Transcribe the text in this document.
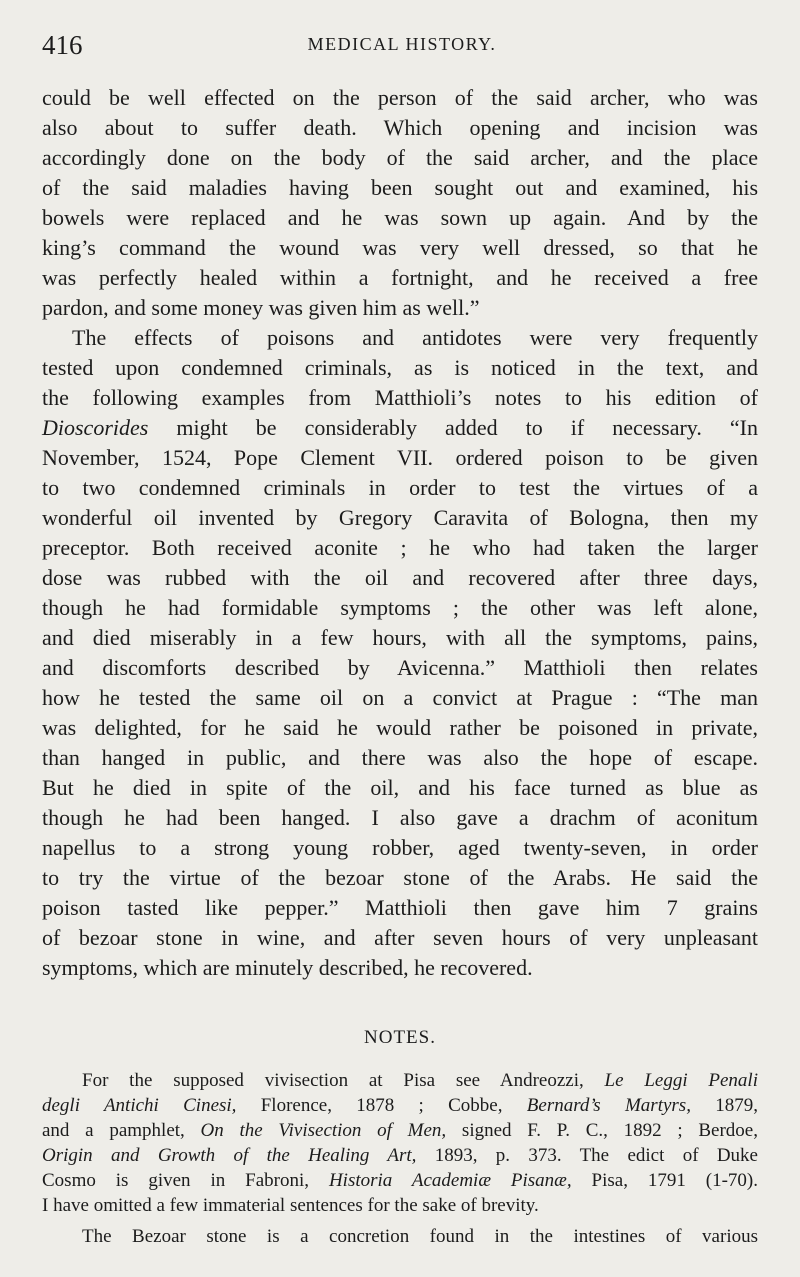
416	MEDICAL HISTORY.
could be well effected on the person of the said archer, who was
also about to suffer death. Which opening and incision was
accordingly done on the body of the said archer, and the place
of the said maladies having been sought out and examined, his
bowels were replaced and he was sown up again. And by the
king’s command the wound was very well dressed, so that he
was perfectly healed within a fortnight, and he received a free
pardon, and some money was given him as well.”
The effects of poisons and antidotes were very frequently
tested upon condemned criminals, as is noticed in the text, and
the following examples from Matthioli’s notes to his edition of
Dioscorides might be considerably added to if necessary. “In
November, 1524, Pope Clement VII. ordered poison to be given
to two condemned criminals in order to test the virtues of a
wonderful oil invented by Gregory Caravita of Bologna, then my
preceptor. Both received aconite ; he who had taken the larger
dose was rubbed with the oil and recovered after three days,
though he had formidable symptoms ; the other was left alone,
and died miserably in a few hours, with all the symptoms, pains,
and discomforts described by Avicenna.” Matthioli then relates
how he tested the same oil on a convict at Prague : “The man
was delighted, for he said he would rather be poisoned in private,
than hanged in public, and there was also the hope of escape.
But he died in spite of the oil, and his face turned as blue as
though he had been hanged. I also gave a drachm of aconitum
napellus to a strong young robber, aged twenty-seven, in order
to try the virtue of the bezoar stone of the Arabs. He said the
poison tasted like pepper.” Matthioli then gave him 7 grains
of bezoar stone in wine, and after seven hours of very unpleasant
symptoms, which are minutely described, he recovered.
NOTES.
For the supposed vivisection at Pisa see Andreozzi, Le Leggi Penali
degli Antichi Cinesi, Florence, 1878 ; Cobbe, Bernard’s Martyrs, 1879,
and a pamphlet, On the Vivisection of Men, signed F. P. C., 1892 ; Berdoe,
Origin and Growth of the Healing Art, 1893, p. 373. The edict of Duke
Cosmo is given in Fabroni, Historia Academiæ Pisanæ, Pisa, 1791 (1-70).
I have omitted a few immaterial sentences for the sake of brevity.
The Bezoar stone is a concretion found in the intestines of various
